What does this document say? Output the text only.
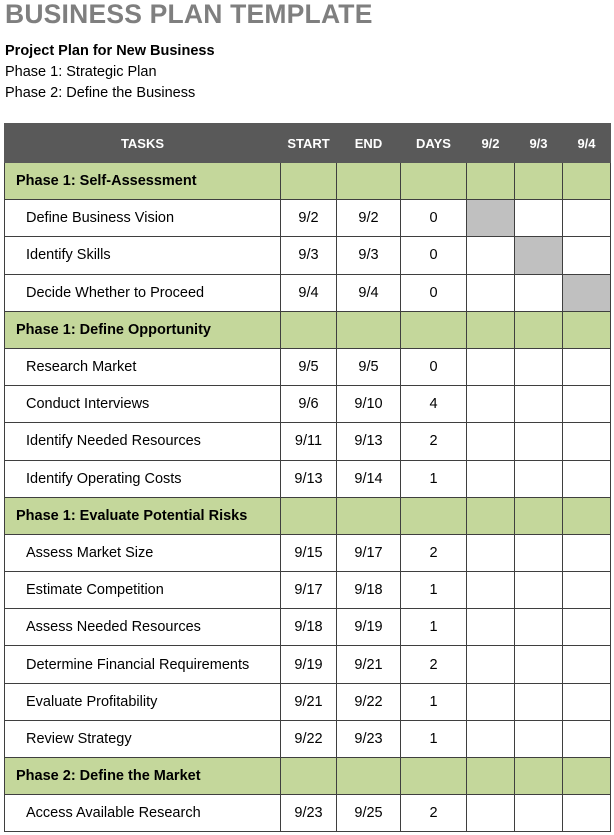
BUSINESS PLAN TEMPLATE
Project Plan for New Business
Phase 1: Strategic Plan
Phase 2: Define the Business
TASKS	START	END	DAYS	9/2	9/3	9/4
Phase 1: Self-Assessment						
Define Business Vision	9/2	9/2	0			
Identify Skills	9/3	9/3	0			
Decide Whether to Proceed	9/4	9/4	0			
Phase 1: Define Opportunity						
Research Market	9/5	9/5	0			
Conduct Interviews	9/6	9/10	4			
Identify Needed Resources	9/11	9/13	2			
Identify Operating Costs	9/13	9/14	1			
Phase 1: Evaluate Potential Risks						
Assess Market Size	9/15	9/17	2			
Estimate Competition	9/17	9/18	1			
Assess Needed Resources	9/18	9/19	1			
Determine Financial Requirements	9/19	9/21	2			
Evaluate Profitability	9/21	9/22	1			
Review Strategy	9/22	9/23	1			
Phase 2: Define the Market						
Access Available Research	9/23	9/25	2			
